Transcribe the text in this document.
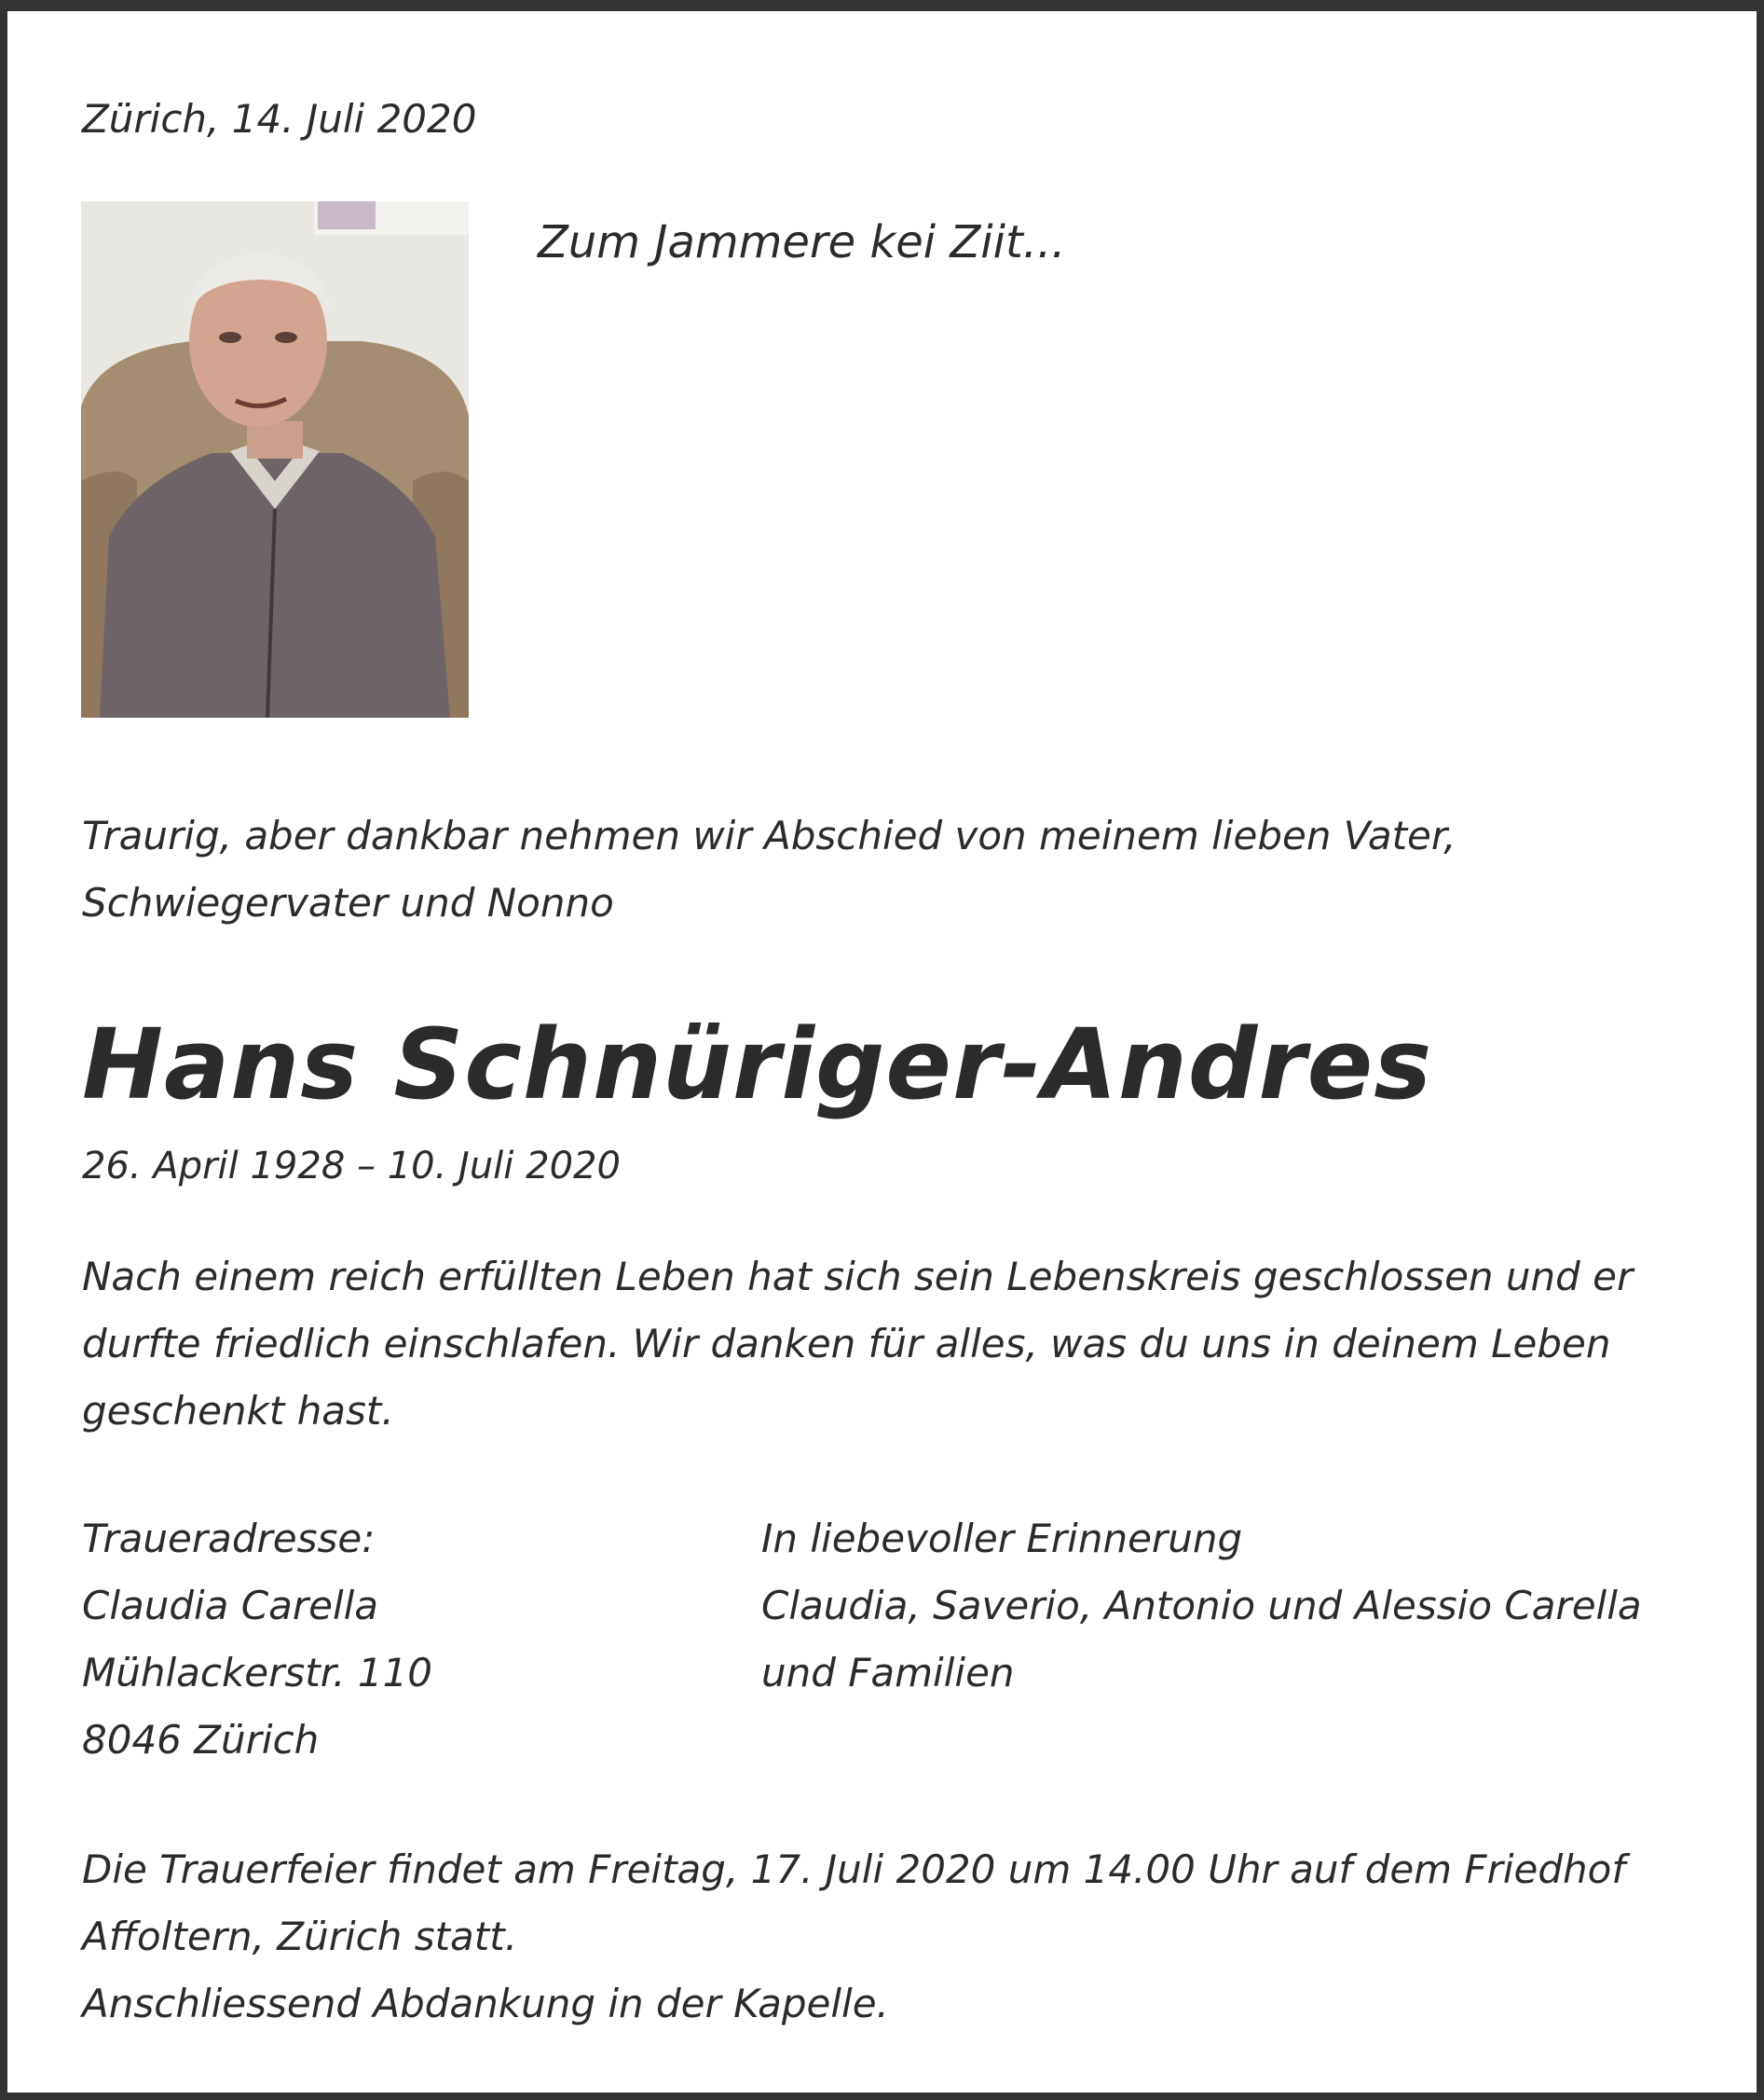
Zürich, 14. Juli 2020

Zum Jammere kei Ziit...

Traurig, aber dankbar nehmen wir Abschied von meinem lieben Vater, Schwiegervater und Nonno

Hans Schnüriger-Andres

26. April 1928 – 10. Juli 2020

Nach einem reich erfüllten Leben hat sich sein Lebenskreis geschlossen und er durfte friedlich einschlafen. Wir danken für alles, was du uns in deinem Leben geschenkt hast.

Traueradresse:
Claudia Carella
Mühlackerstr. 110
8046 Zürich
In liebevoller Erinnerung
Claudia, Saverio, Antonio und Alessio Carella und Familien
Die Trauerfeier findet am Freitag, 17. Juli 2020 um 14.00 Uhr auf dem Friedhof Affoltern, Zürich statt.
Anschliessend Abdankung in der Kapelle.
